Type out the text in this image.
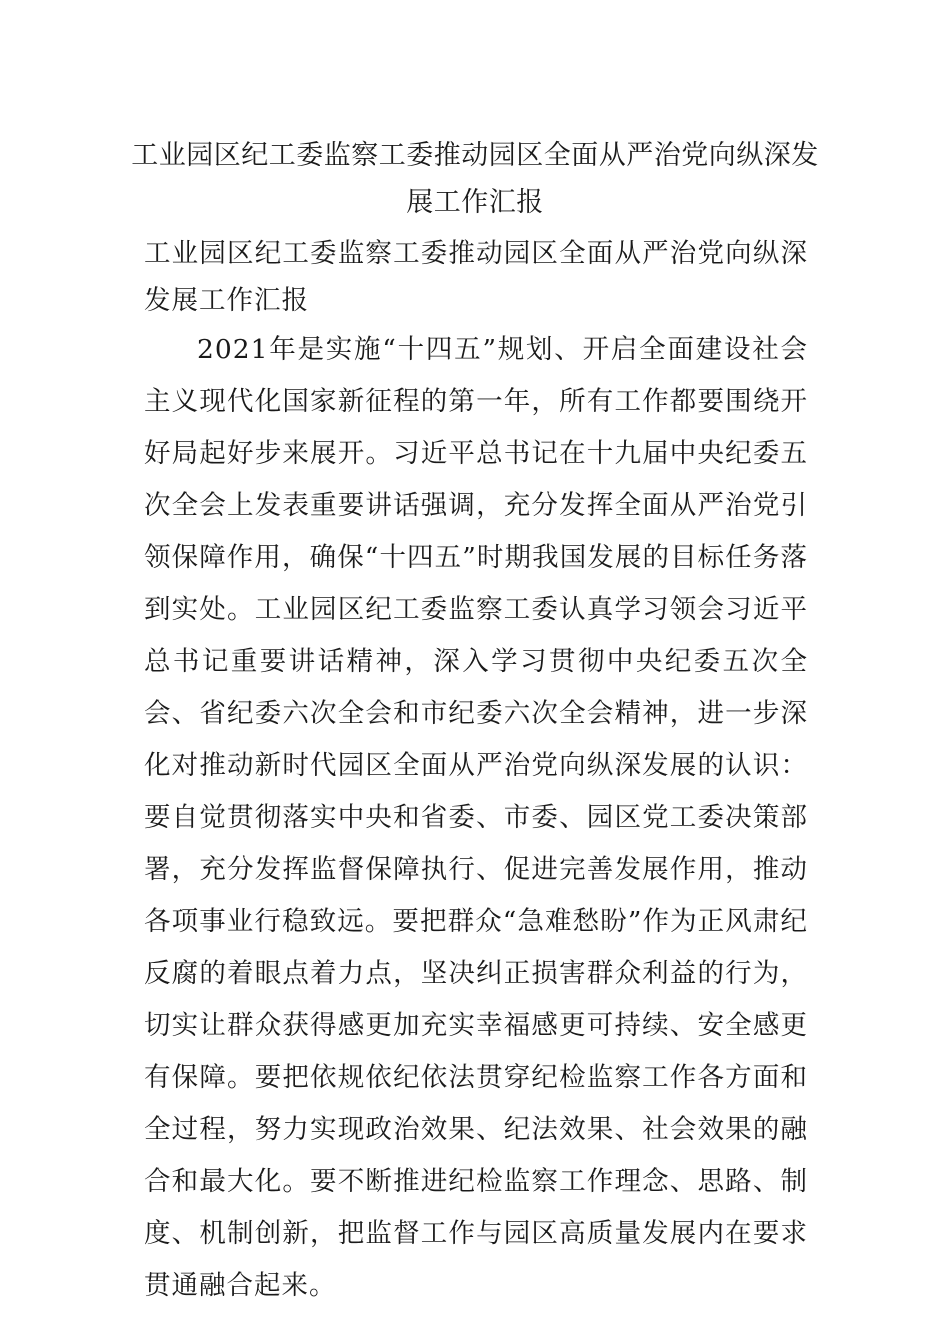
工业园区纪工委监察工委推动园区全面从严治党向纵深发展工作汇报

工业园区纪工委监察工委推动园区全面从严治党向纵深发展工作汇报

2021年是实施“十四五”规划、开启全面建设社会主义现代化国家新征程的第一年，所有工作都要围绕开好局起好步来展开。习近平总书记在十九届中央纪委五次全会上发表重要讲话强调，充分发挥全面从严治党引领保障作用，确保“十四五”时期我国发展的目标任务落到实处。工业园区纪工委监察工委认真学习领会习近平总书记重要讲话精神，深入学习贯彻中央纪委五次全会、省纪委六次全会和市纪委六次全会精神，进一步深化对推动新时代园区全面从严治党向纵深发展的认识：要自觉贯彻落实中央和省委、市委、园区党工委决策部署，充分发挥监督保障执行、促进完善发展作用，推动各项事业行稳致远。要把群众“急难愁盼”作为正风肃纪反腐的着眼点着力点，坚决纠正损害群众利益的行为，切实让群众获得感更加充实幸福感更可持续、安全感更有保障。要把依规依纪依法贯穿纪检监察工作各方面和全过程，努力实现政治效果、纪法效果、社会效果的融合和最大化。要不断推进纪检监察工作理念、思路、制度、机制创新，把监督工作与园区高质量发展内在要求贯通融合起来。
